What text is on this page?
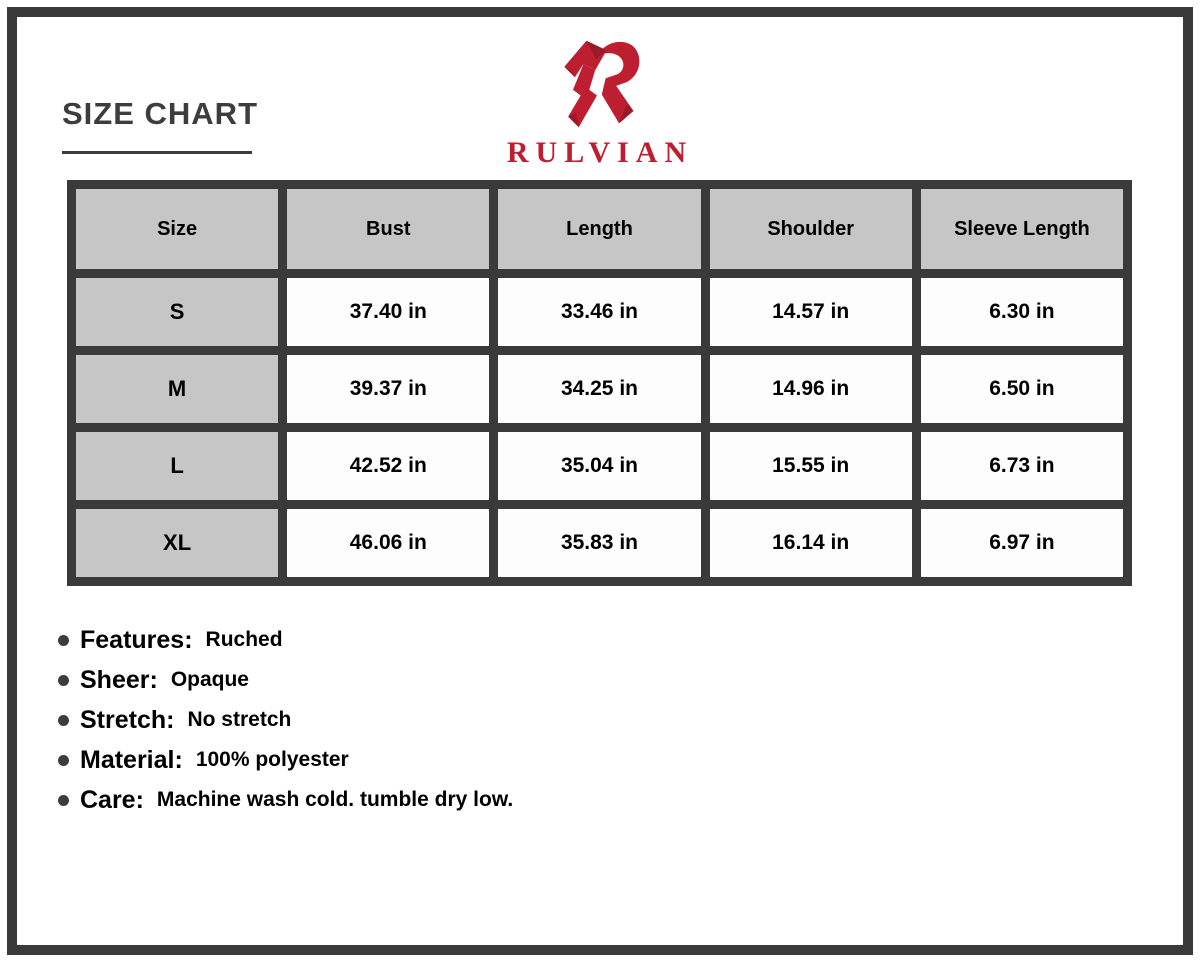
SIZE CHART
RULVIAN
Size	Bust	Length	Shoulder	Sleeve Length
S	37.40 in	33.46 in	14.57 in	6.30 in
M	39.37 in	34.25 in	14.96 in	6.50 in
L	42.52 in	35.04 in	15.55 in	6.73 in
XL	46.06 in	35.83 in	16.14 in	6.97 in
Features: Ruched
Sheer: Opaque
Stretch: No stretch
Material: 100% polyester
Care: Machine wash cold. tumble dry low.
